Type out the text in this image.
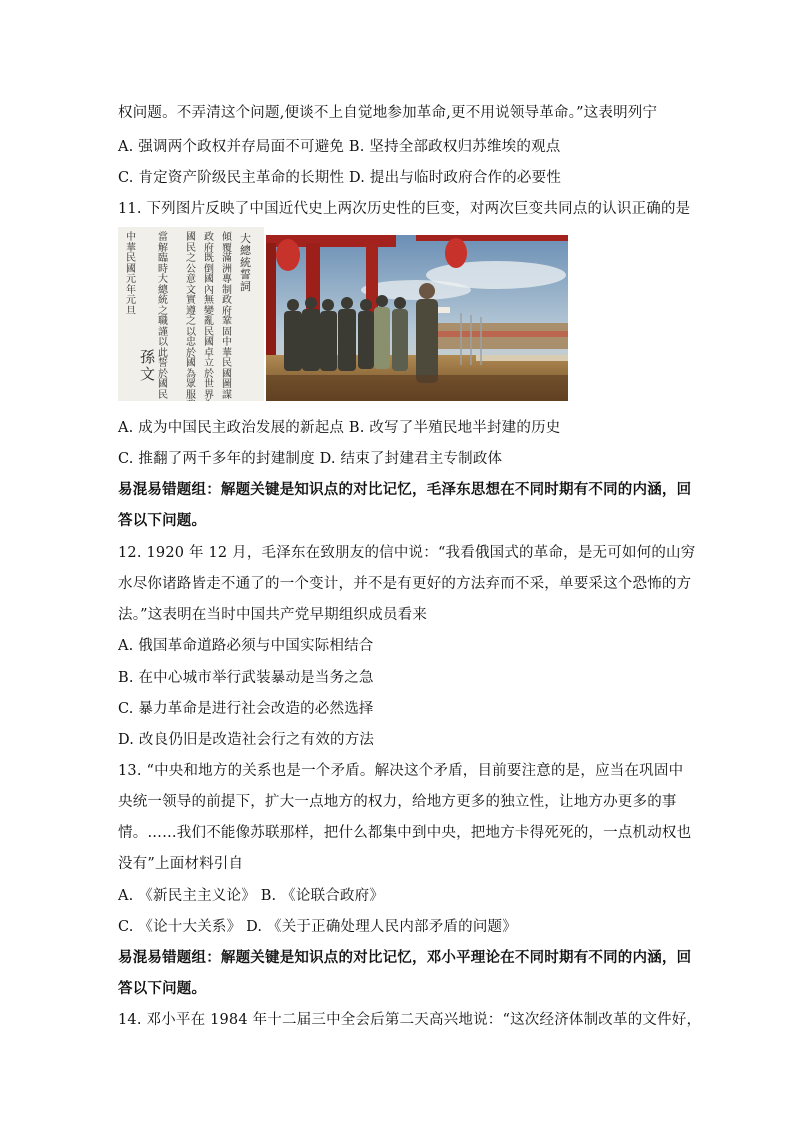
权问题。不弄清这个问题,便谈不上自觉地参加革命,更不用说领导革命。”这表明列宁
A. 强调两个政权并存局面不可避免 B. 坚持全部政权归苏维埃的观点
C. 肯定资产阶级民主革命的长期性 D. 提出与临时政府合作的必要性
11. 下列图片反映了中国近代史上两次历史性的巨变，对两次巨变共同点的认识正确的是
大總統誓詞
傾覆滿洲專制政府鞏固中華民國圖謀
政府既倒國內無變亂民國卓立於世界
國民之公意文實遵之以忠於國為眾服
當解臨時大總統之職謹以此誓於國民
中華民國元年元旦
孫文
A. 成为中国民主政治发展的新起点 B. 改写了半殖民地半封建的历史
C. 推翻了两千多年的封建制度 D. 结束了封建君主专制政体
易混易错题组：解题关键是知识点的对比记忆，毛泽东思想在不同时期有不同的内涵，回
答以下问题。
12. 1920 年 12 月，毛泽东在致朋友的信中说：“我看俄国式的革命，是无可如何的山穷
水尽你诸路皆走不通了的一个变计，并不是有更好的方法弃而不采，单要采这个恐怖的方
法。”这表明在当时中国共产党早期组织成员看来
A. 俄国革命道路必须与中国实际相结合
B. 在中心城市举行武装暴动是当务之急
C. 暴力革命是进行社会改造的必然选择
D. 改良仍旧是改造社会行之有效的方法
13. “中央和地方的关系也是一个矛盾。解决这个矛盾，目前要注意的是，应当在巩固中
央统一领导的前提下，扩大一点地方的权力，给地方更多的独立性，让地方办更多的事
情。……我们不能像苏联那样，把什么都集中到中央，把地方卡得死死的，一点机动权也
没有”上面材料引自
A. 《新民主主义论》 B. 《论联合政府》
C. 《论十大关系》 D. 《关于正确处理人民内部矛盾的问题》
易混易错题组：解题关键是知识点的对比记忆，邓小平理论在不同时期有不同的内涵，回
答以下问题。
14. 邓小平在 1984 年十二届三中全会后第二天高兴地说：“这次经济体制改革的文件好，
